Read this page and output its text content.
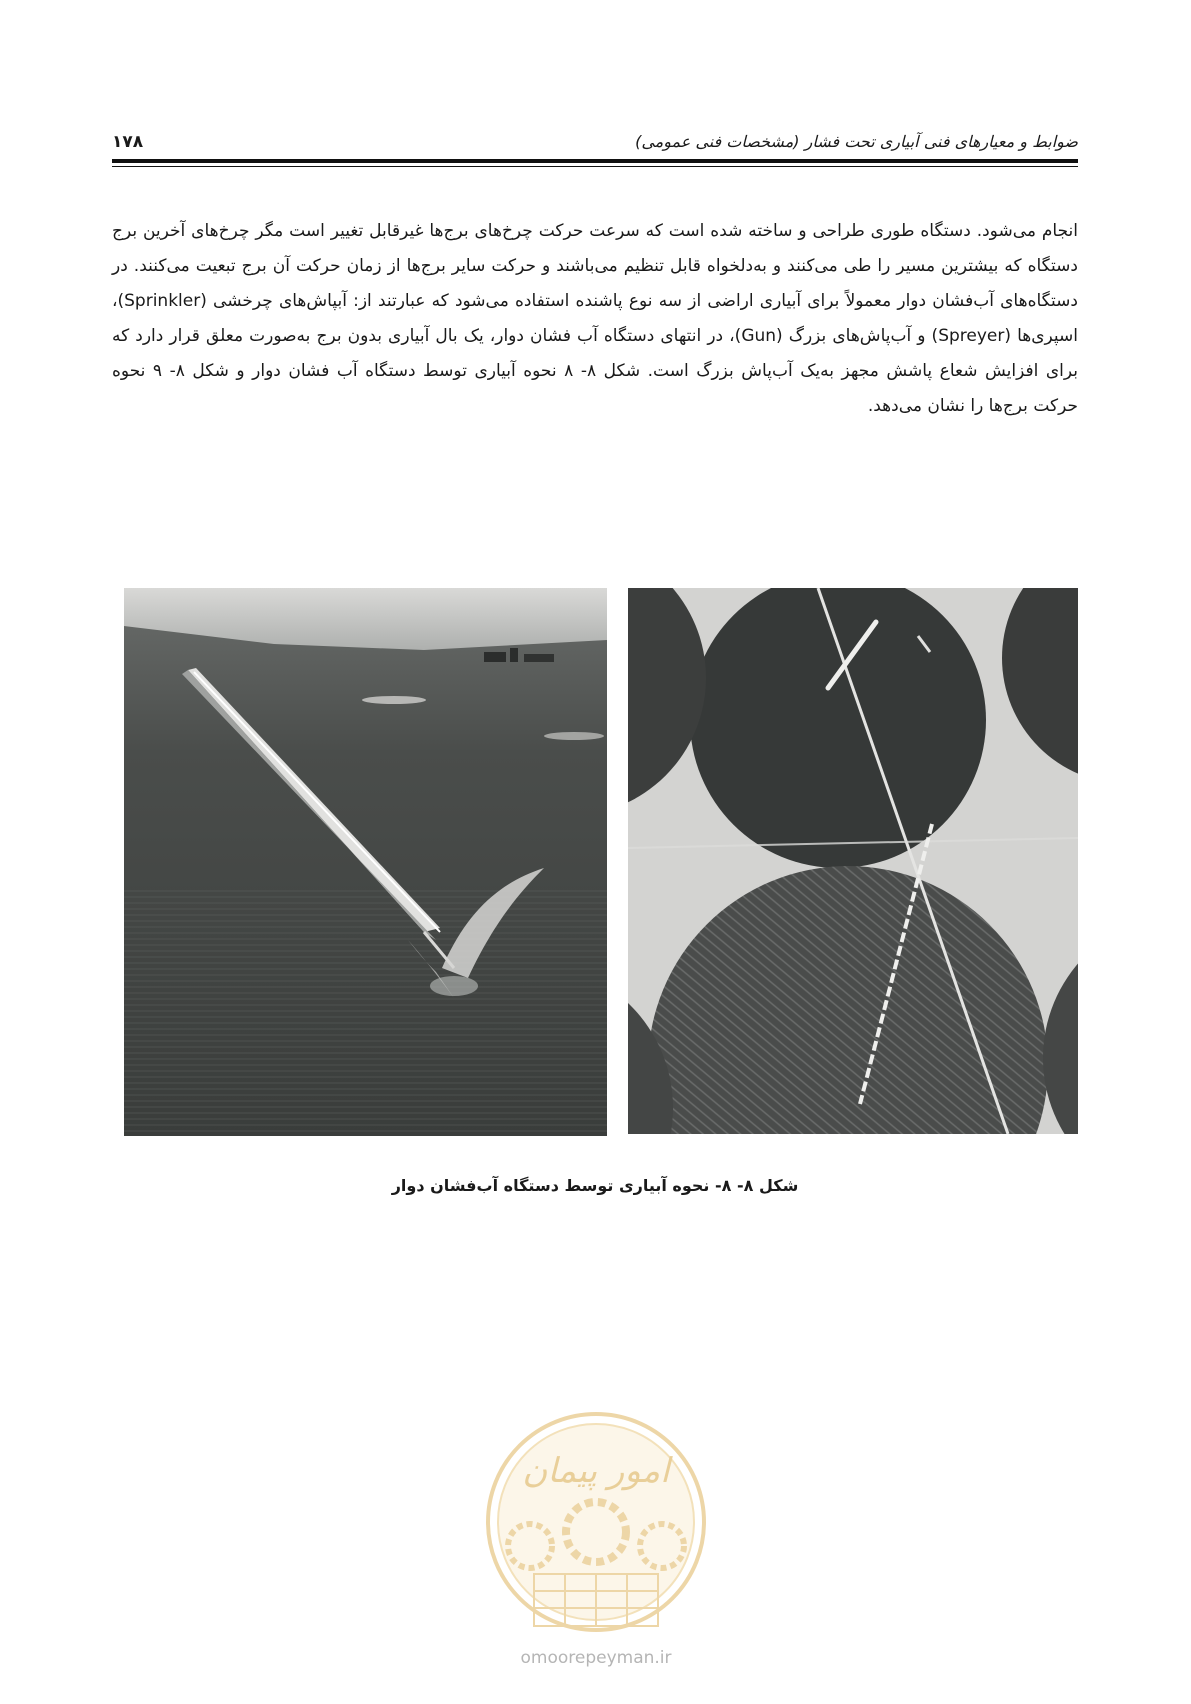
۱۷۸	ضوابط و معیارهای فنی آبیاری تحت فشار (مشخصات فنی عمومی)

انجام می‌شود. دستگاه طوری طراحی و ساخته شده است که سرعت حرکت چرخ‌های برج‌ها غیرقابل تغییر است مگر چرخ‌های آخرین برج دستگاه که بیشترین مسیر را طی می‌کنند و به‌دلخواه قابل تنظیم می‌باشند و حرکت سایر برج‌ها از زمان حرکت آن برج تبعیت می‌کنند. در دستگاه‌های آب‌فشان دوار معمولاً برای آبیاری اراضی از سه نوع پاشنده استفاده می‌شود که عبارتند از: آبپاش‌های چرخشی (Sprinkler)، اسپری‌ها (Spreyer) و آب‌پاش‌های بزرگ (Gun)، در انتهای دستگاه آب فشان دوار، یک بال آبیاری بدون برج به‌صورت معلق قرار دارد که برای افزایش شعاع پاشش مجهز به‌یک آب‌پاش بزرگ است. شکل ۸- ۸ نحوه آبیاری توسط دستگاه آب فشان دوار و شکل ۸- ۹ نحوه حرکت برج‌ها را نشان می‌دهد.

شکل ۸- ۸- نحوه آبیاری توسط دستگاه آب‌فشان دوار
امور پیمان
omoorepeyman.ir
